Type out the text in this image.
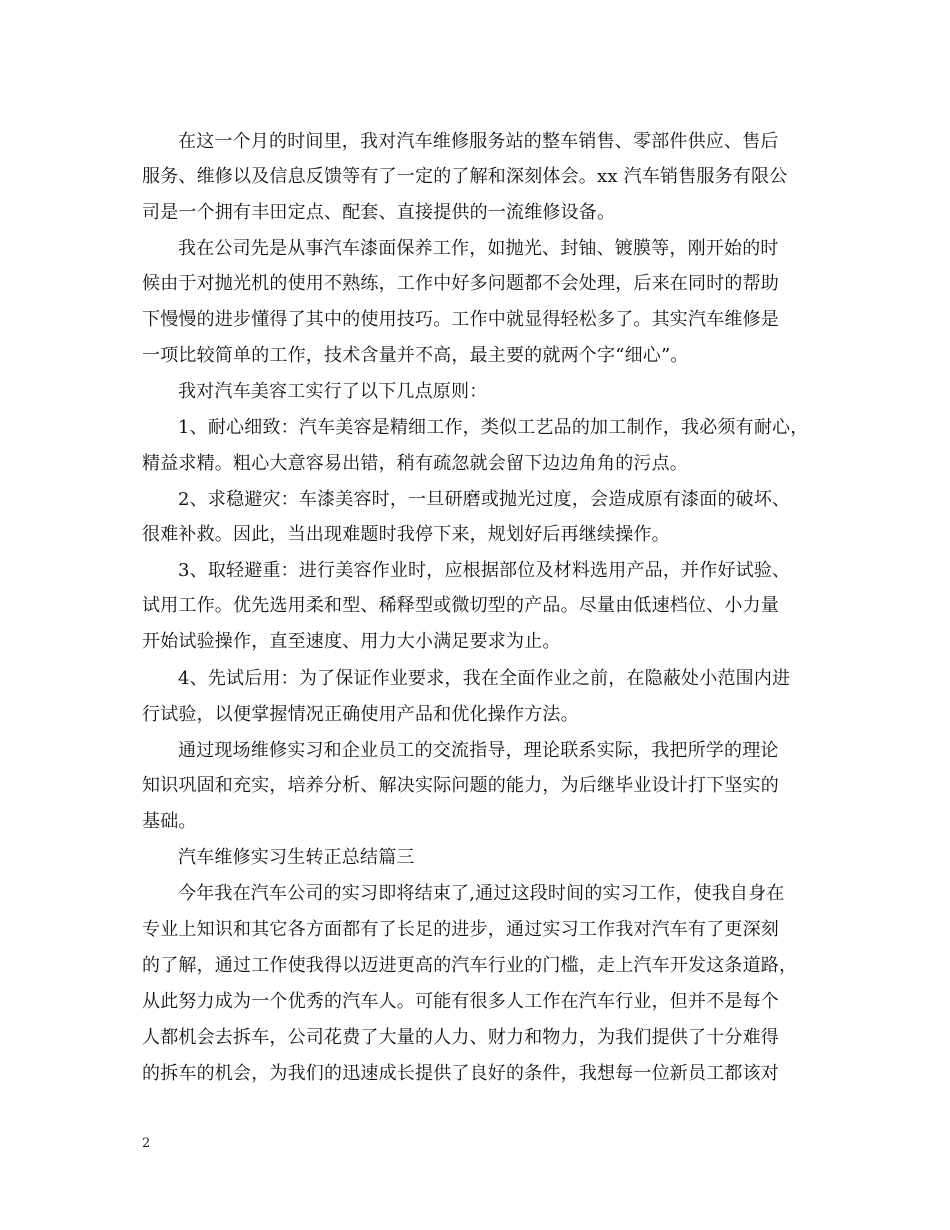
在这一个月的时间里，我对汽车维修服务站的整车销售、零部件供应、售后
服务、维修以及信息反馈等有了一定的了解和深刻体会。xx 汽车销售服务有限公
司是一个拥有丰田定点、配套、直接提供的一流维修设备。
我在公司先是从事汽车漆面保养工作，如抛光、封铀、镀膜等，刚开始的时
候由于对抛光机的使用不熟练，工作中好多问题都不会处理，后来在同时的帮助
下慢慢的进步懂得了其中的使用技巧。工作中就显得轻松多了。其实汽车维修是
一项比较简单的工作，技术含量并不高，最主要的就两个字“细心”。
我对汽车美容工实行了以下几点原则：
1、耐心细致：汽车美容是精细工作，类似工艺品的加工制作，我必须有耐心，
精益求精。粗心大意容易出错，稍有疏忽就会留下边边角角的污点。
2、求稳避灾：车漆美容时，一旦研磨或抛光过度，会造成原有漆面的破坏、
很难补救。因此，当出现难题时我停下来，规划好后再继续操作。
3、取轻避重：进行美容作业时，应根据部位及材料选用产品，并作好试验、
试用工作。优先选用柔和型、稀释型或微切型的产品。尽量由低速档位、小力量
开始试验操作，直至速度、用力大小满足要求为止。
4、先试后用：为了保证作业要求，我在全面作业之前，在隐蔽处小范围内进
行试验，以便掌握情况正确使用产品和优化操作方法。
通过现场维修实习和企业员工的交流指导，理论联系实际，我把所学的理论
知识巩固和充实，培养分析、解决实际问题的能力，为后继毕业设计打下坚实的
基础。
汽车维修实习生转正总结篇三
今年我在汽车公司的实习即将结束了,通过这段时间的实习工作，使我自身在
专业上知识和其它各方面都有了长足的进步，通过实习工作我对汽车有了更深刻
的了解，通过工作使我得以迈进更高的汽车行业的门槛，走上汽车开发这条道路，
从此努力成为一个优秀的汽车人。可能有很多人工作在汽车行业，但并不是每个
人都机会去拆车，公司花费了大量的人力、财力和物力，为我们提供了十分难得
的拆车的机会，为我们的迅速成长提供了良好的条件，我想每一位新员工都该对
2
